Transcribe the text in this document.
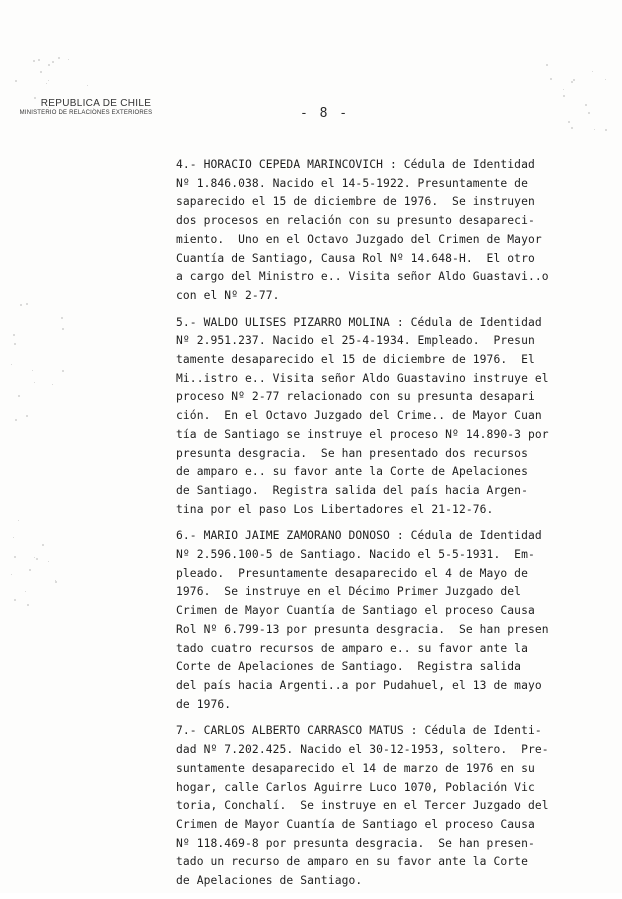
REPUBLICA DE CHILE
MINISTERIO DE RELACIONES EXTERIORES	- 8 -
4.- HORACIO CEPEDA MARINCOVICH : Cédula de Identidad
Nº 1.846.038. Nacido el 14-5-1922. Presuntamente de
saparecido el 15 de diciembre de 1976.  Se instruyen
dos procesos en relación con su presunto desapareci-
miento.  Uno en el Octavo Juzgado del Crimen de Mayor
Cuantía de Santiago, Causa Rol Nº 14.648-H.  El otro
a cargo del Ministro e.. Visita señor Aldo Guastavi..o
con el Nº 2-77.
5.- WALDO ULISES PIZARRO MOLINA : Cédula de Identidad
Nº 2.951.237. Nacido el 25-4-1934. Empleado.  Presun
tamente desaparecido el 15 de diciembre de 1976.  El
Mi..istro e.. Visita señor Aldo Guastavino instruye el
proceso Nº 2-77 relacionado con su presunta desapari
ción.  En el Octavo Juzgado del Crime.. de Mayor Cuan
tía de Santiago se instruye el proceso Nº 14.890-3 por
presunta desgracia.  Se han presentado dos recursos
de amparo e.. su favor ante la Corte de Apelaciones
de Santiago.  Registra salida del país hacia Argen-
tina por el paso Los Libertadores el 21-12-76.
6.- MARIO JAIME ZAMORANO DONOSO : Cédula de Identidad
Nº 2.596.100-5 de Santiago. Nacido el 5-5-1931.  Em-
pleado.  Presuntamente desaparecido el 4 de Mayo de
1976.  Se instruye en el Décimo Primer Juzgado del
Crimen de Mayor Cuantía de Santiago el proceso Causa
Rol Nº 6.799-13 por presunta desgracia.  Se han presen
tado cuatro recursos de amparo e.. su favor ante la
Corte de Apelaciones de Santiago.  Registra salida
del país hacia Argenti..a por Pudahuel, el 13 de mayo
de 1976.
7.- CARLOS ALBERTO CARRASCO MATUS : Cédula de Identi-
dad Nº 7.202.425. Nacido el 30-12-1953, soltero.  Pre-
suntamente desaparecido el 14 de marzo de 1976 en su
hogar, calle Carlos Aguirre Luco 1070, Población Vic
toria, Conchalí.  Se instruye en el Tercer Juzgado del
Crimen de Mayor Cuantía de Santiago el proceso Causa
Nº 118.469-8 por presunta desgracia.  Se han presen-
tado un recurso de amparo en su favor ante la Corte
de Apelaciones de Santiago.
